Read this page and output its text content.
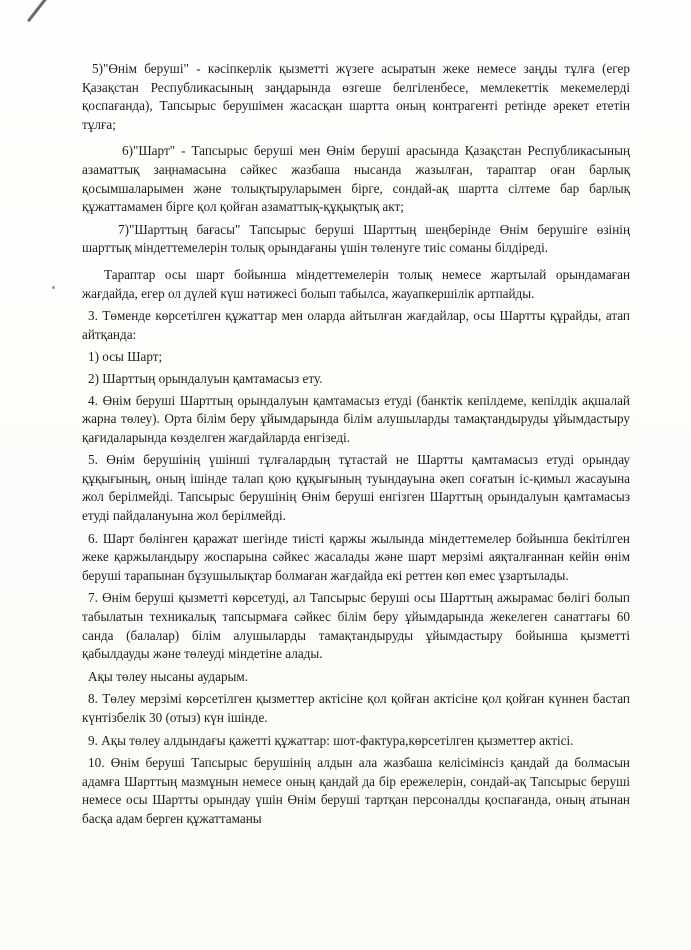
5)"Өнім беруші" - кәсіпкерлік қызметті жүзеге асыратын жеке немесе заңды тұлға (егер Қазақстан Республикасының заңдарында өзгеше белгіленбесе, мемлекеттік мекемелерді қоспағанда), Тапсырыс берушімен жасасқан шартта оның контрагенті ретінде әрекет ететін тұлға;

6)"Шарт" - Тапсырыс беруші мен Өнім беруші арасында Қазақстан Республикасының азаматтық заңнамасына сәйкес жазбаша нысанда жазылған, тараптар оған барлық қосымшаларымен және толықтыруларымен бірге, сондай-ақ шартта сілтеме бар барлық құжаттамамен бірге қол қойған азаматтық-құқықтық акт;

7)"Шарттың бағасы" Тапсырыс беруші Шарттың шеңберінде Өнім берушіге өзінің шарттық міндеттемелерін толық орындағаны үшін төленуге тиіс соманы білдіреді.

Тараптар осы шарт бойынша міндеттемелерін толық немесе жартылай орындамаған жағдайда, егер ол дүлей күш нәтижесі болып табылса, жауапкершілік артпайды.

3. Төменде көрсетілген құжаттар мен оларда айтылған жағдайлар, осы Шартты құрайды, атап айтқанда:

1) осы Шарт;

2) Шарттың орындалуын қамтамасыз ету.

4. Өнім беруші Шарттың орындалуын қамтамасыз етуді (банктік кепілдеме, кепілдік ақшалай жарна төлеу). Орта білім беру ұйымдарында білім алушыларды тамақтандыруды ұйымдастыру қағидаларында көзделген жағдайларда енгізеді.

5. Өнім берушінің үшінші тұлғалардың тұтастай не Шартты қамтамасыз етуді орындау құқығының, оның ішінде талап қою құқығының туындауына әкеп соғатын іс-қимыл жасауына жол берілмейді. Тапсырыс берушінің Өнім беруші енгізген Шарттың орындалуын қамтамасыз етуді пайдалануына жол берілмейді.

6. Шарт бөлінген қаражат шегінде тиісті қаржы жылында міндеттемелер бойынша бекітілген жеке қаржыландыру жоспарына сәйкес жасалады және шарт мерзімі аяқталғаннан кейін өнім беруші тарапынан бұзушылықтар болмаған жағдайда екі реттен көп емес ұзартылады.

7. Өнім беруші қызметті көрсетуді, ал Тапсырыс беруші осы Шарттың ажырамас бөлігі болып табылатын техникалық тапсырмаға сәйкес білім беру ұйымдарында жекелеген санаттағы 60 санда (балалар) білім алушыларды тамақтандыруды ұйымдастыру бойынша қызметті қабылдауды және төлеуді міндетіне алады.

Ақы төлеу нысаны аударым.

8. Төлеу мерзімі көрсетілген қызметтер актісіне қол қойған актісіне қол қойған күннен бастап күнтізбелік 30 (отыз) күн ішінде.

9. Ақы төлеу алдындағы қажетті құжаттар: шот-фактура,көрсетілген қызметтер актісі.

10. Өнім беруші Тапсырыс берушінің алдын ала жазбаша келісімінсіз қандай да болмасын адамға Шарттың мазмұнын немесе оның қандай да бір ережелерін, сондай-ақ Тапсырыс беруші немесе осы Шартты орындау үшін Өнім беруші тартқан персоналды қоспағанда, оның атынан басқа адам берген құжаттаманы
